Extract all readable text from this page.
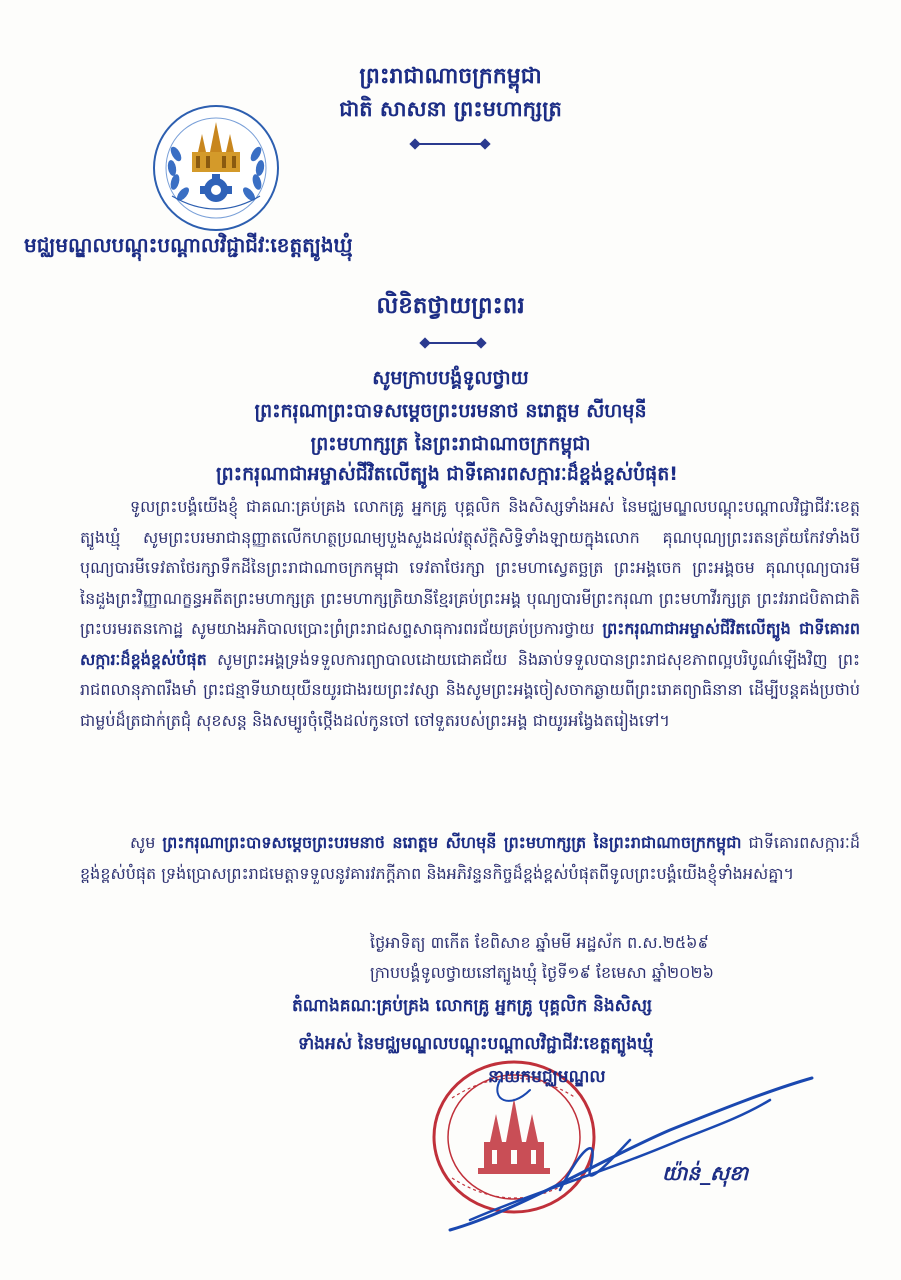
ព្រះរាជាណាចក្រកម្ពុជា
ជាតិ សាសនា ព្រះមហាក្សត្រ
មជ្ឈមណ្ឌលបណ្តុះបណ្តាលវិជ្ជាជីវៈខេត្តត្បូងឃ្មុំ
លិខិតថ្វាយព្រះពរ
សូមក្រាបបង្គំទូលថ្វាយ
ព្រះករុណាព្រះបាទសម្តេចព្រះបរមនាថ នរោត្តម សីហមុនី
ព្រះមហាក្សត្រ នៃព្រះរាជាណាចក្រកម្ពុជា
ព្រះករុណាជាអម្ចាស់ជីវិតលើត្បូង ជាទីគោរពសក្ការៈដ៏ខ្ពង់ខ្ពស់បំផុត!
ទូលព្រះបង្គំយើងខ្ញុំ ជាគណៈគ្រប់គ្រង លោកគ្រូ អ្នកគ្រូ បុគ្គលិក និងសិស្សទាំងអស់ នៃមជ្ឈមណ្ឌលបណ្តុះបណ្តាលវិជ្ជាជីវៈខេត្តត្បូងឃ្មុំ សូមព្រះបរមរាជានុញ្ញាតលើកហត្ថប្រណម្យបួងសួងដល់វត្ថុស័ក្តិសិទ្ធិទាំងឡាយក្នុងលោក គុណបុណ្យព្រះរតនត្រ័យកែវទាំងបី បុណ្យបារមីទេវតាថែរក្សាទឹកដីនៃព្រះរាជាណាចក្រកម្ពុជា ទេវតាថែរក្សា ព្រះមហាស្វេតច្ឆត្រ ព្រះអង្គចេក ព្រះអង្គចម គុណបុណ្យបារមីនៃដួងព្រះវិញ្ញាណក្ខន្ធអតីតព្រះមហាក្សត្រ ព្រះមហាក្សត្រិយានីខ្មែរគ្រប់ព្រះអង្គ បុណ្យបារមីព្រះករុណា ព្រះមហាវីរក្សត្រ ព្រះវររាជបិតាជាតិ ព្រះបរមរតនកោដ្ឋ សូមយាងអភិបាលប្រោះព្រំព្រះរាជសព្ទសាធុការពរជ័យគ្រប់ប្រការថ្វាយ ព្រះករុណាជាអម្ចាស់ជីវិតលើត្បូង ជាទីគោរពសក្ការៈដ៏ខ្ពង់ខ្ពស់បំផុត សូមព្រះអង្គទ្រង់ទទួលការព្យាបាលដោយជោគជ័យ និងឆាប់ទទួលបានព្រះរាជសុខភាពល្អបរិបូណ៌ឡើងវិញ ព្រះរាជពលានុភាពរឹងមាំ ព្រះជន្មាទីឃាយុយឺនយូរជាងរយព្រះវស្សា និងសូមព្រះអង្គចៀសចាកឆ្ងាយពីព្រះរោគព្យាធិនានា ដើម្បីបន្តគង់ប្រថាប់ជាម្លប់ដ៏ត្រជាក់ត្រជុំ សុខសន្ត និងសម្បូរចុំថ្កើងដល់កូនចៅ ចៅទួតរបស់ព្រះអង្គ ជាយូរអង្វែងតរៀងទៅ។
សូម ព្រះករុណាព្រះបាទសម្តេចព្រះបរមនាថ នរោត្តម សីហមុនី ព្រះមហាក្សត្រ នៃព្រះរាជាណាចក្រកម្ពុជា ជាទីគោរពសក្ការៈដ៏ខ្ពង់ខ្ពស់បំផុត ទ្រង់ប្រោសព្រះរាជមេត្តាទទួលនូវគារវភក្តីភាព និងអភិវន្ទនកិច្ចដ៏ខ្ពង់ខ្ពស់បំផុតពីទូលព្រះបង្គំយើងខ្ញុំទាំងអស់គ្នា។
ថ្ងៃអាទិត្យ ៣កើត ខែពិសាខ ឆ្នាំមមី អដ្ឋស័ក ព.ស.២៥៦៩
ក្រាបបង្គំទូលថ្វាយនៅត្បូងឃ្មុំ ថ្ងៃទី១៩ ខែមេសា ឆ្នាំ២០២៦
តំណាងគណៈគ្រប់គ្រង លោកគ្រូ អ្នកគ្រូ បុគ្គលិក និងសិស្ស
ទាំងអស់ នៃមជ្ឈមណ្ឌលបណ្តុះបណ្តាលវិជ្ជាជីវៈខេត្តត្បូងឃ្មុំ
នាយកមជ្ឈមណ្ឌល
យ៉ាន់_សុខា
